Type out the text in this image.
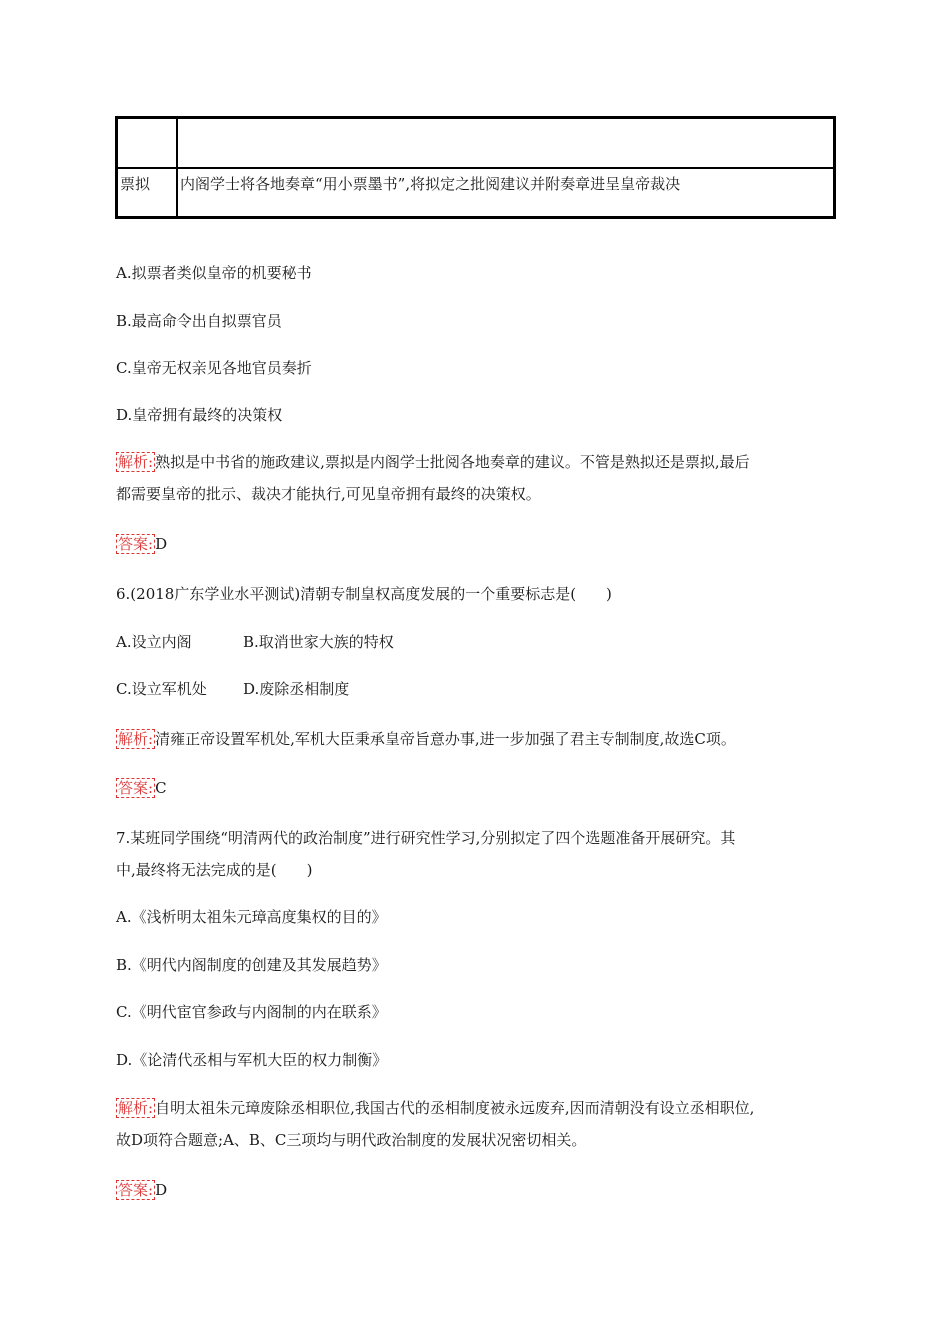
票拟	内阁学士将各地奏章“用小票墨书”,将拟定之批阅建议并附奏章进呈皇帝裁决
A.拟票者类似皇帝的机要秘书
B.最高命令出自拟票官员
C.皇帝无权亲见各地官员奏折
D.皇帝拥有最终的决策权
解析: 熟拟是中书省的施政建议,票拟是内阁学士批阅各地奏章的建议。不管是熟拟还是票拟,最后
都需要皇帝的批示、裁决才能执行,可见皇帝拥有最终的决策权。
答案: D
6.(2018广东学业水平测试)清朝专制皇权高度发展的一个重要标志是(　　)
A.设立内阁	B.取消世家大族的特权
C.设立军机处 D.废除丞相制度
解析: 清雍正帝设置军机处,军机大臣秉承皇帝旨意办事,进一步加强了君主专制制度,故选C项。
答案: C
7.某班同学围绕“明清两代的政治制度”进行研究性学习,分别拟定了四个选题准备开展研究。其
中,最终将无法完成的是(　　)
A.《浅析明太祖朱元璋高度集权的目的》
B.《明代内阁制度的创建及其发展趋势》
C.《明代宦官参政与内阁制的内在联系》
D.《论清代丞相与军机大臣的权力制衡》
解析: 自明太祖朱元璋废除丞相职位,我国古代的丞相制度被永远废弃,因而清朝没有设立丞相职位,
故D项符合题意;A、B、C三项均与明代政治制度的发展状况密切相关。
答案: D
